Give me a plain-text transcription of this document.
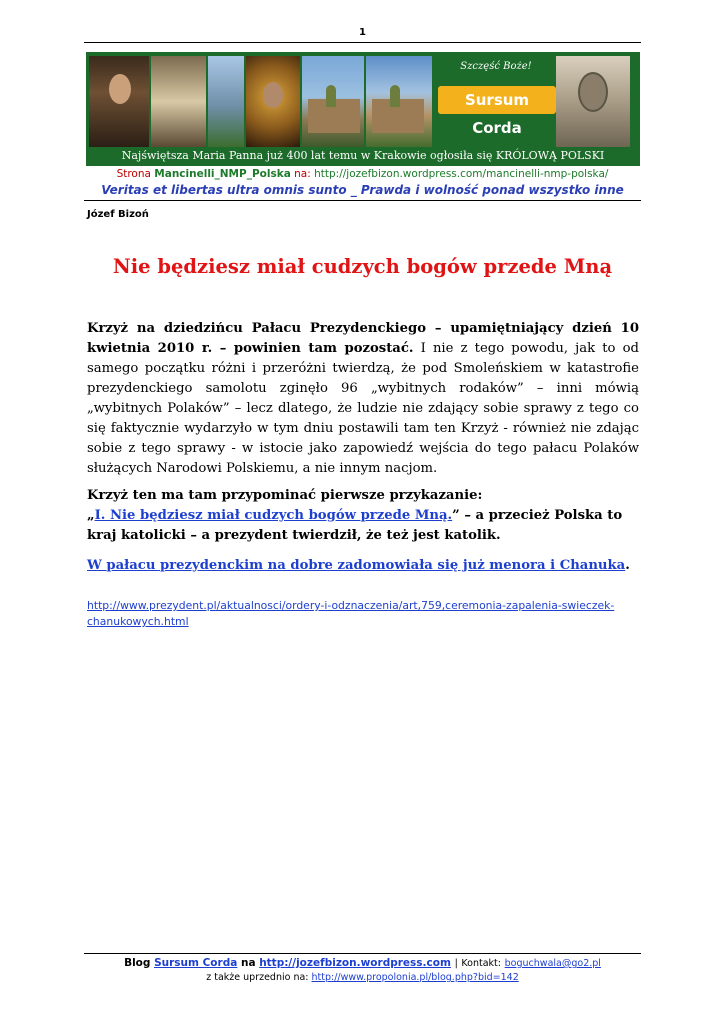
1
Szczęść Boże!
Sursum Corda
Najświętsza Maria Panna już 400 lat temu w Krakowie ogłosiła się KRÓLOWĄ POLSKI
Strona Mancinelli_NMP_Polska na: http://jozefbizon.wordpress.com/mancinelli-nmp-polska/
Veritas et libertas ultra omnis sunto _ Prawda i wolność ponad wszystko inne
Józef Bizoń
Nie będziesz miał cudzych bogów przede Mną
Krzyż na dziedzińcu Pałacu Prezydenckiego – upamiętniający dzień 10 kwietnia 2010 r. – powinien tam pozostać. I nie z tego powodu, jak to od samego początku różni i przeróżni twierdzą, że pod Smoleńskiem w katastrofie prezydenckiego samolotu zginęło 96 „wybitnych rodaków” – inni mówią „wybitnych Polaków” – lecz dlatego, że ludzie nie zdający sobie sprawy z tego co się faktycznie wydarzyło w tym dniu postawili tam ten Krzyż - również nie zdając sobie z tego sprawy - w istocie jako zapowiedź wejścia do tego pałacu Polaków służących Narodowi Polskiemu, a nie innym nacjom.
Krzyż ten ma tam przypominać pierwsze przykazanie:
„I. Nie będziesz miał cudzych bogów przede Mną.” – a przecież Polska to kraj katolicki – a prezydent twierdził, że też jest katolik.
W pałacu prezydenckim na dobre zadomowiała się już menora i Chanuka.
http://www.prezydent.pl/aktualnosci/ordery-i-odznaczenia/art,759,ceremonia-zapalenia-swieczek-chanukowych.html
Blog Sursum Corda na http://jozefbizon.wordpress.com | Kontakt: boguchwala@go2.pl
z także uprzednio na: http://www.propolonia.pl/blog.php?bid=142
